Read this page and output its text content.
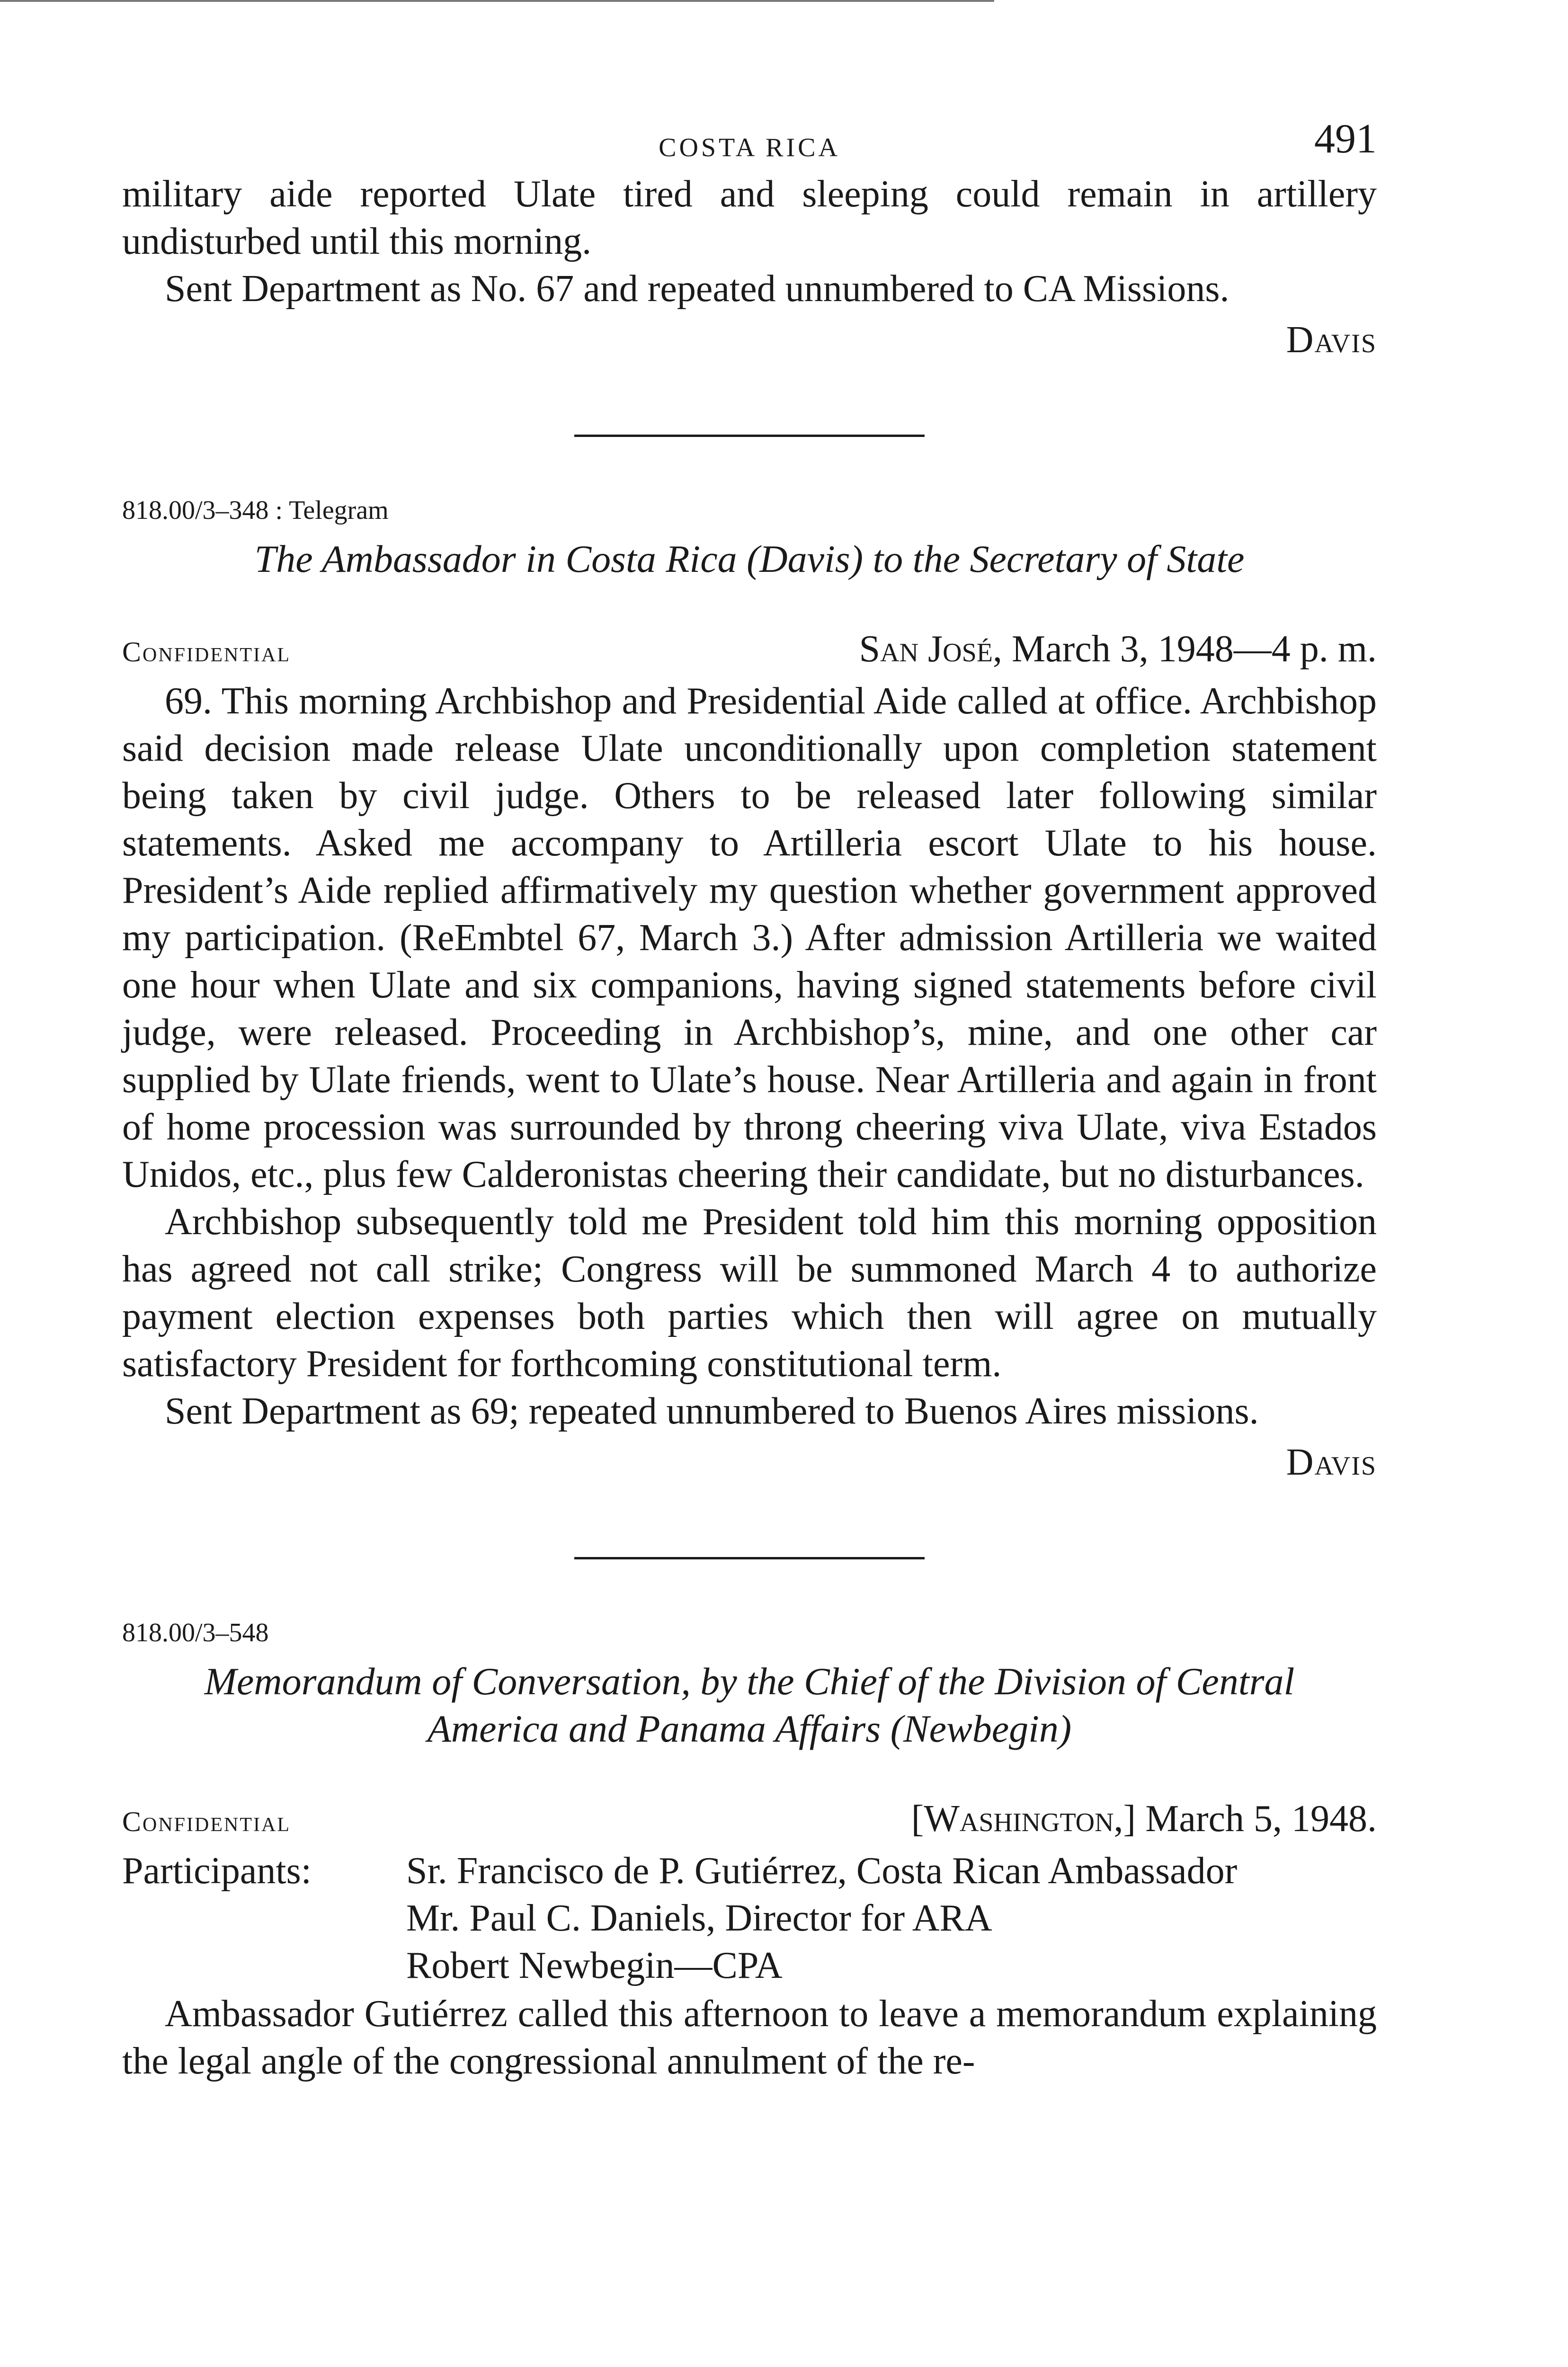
COSTA RICA	491

military aide reported Ulate tired and sleeping could remain in artillery undisturbed until this morning.

Sent Department as No. 67 and repeated unnumbered to CA Missions.

Davis

818.00/3–348 : Telegram
The Ambassador in Costa Rica (Davis) to the Secretary of State
Confidential	San José, March 3, 1948—4 p. m.

69. This morning Archbishop and Presidential Aide called at office. Archbishop said decision made release Ulate unconditionally upon completion statement being taken by civil judge. Others to be released later following similar statements. Asked me accompany to Artilleria escort Ulate to his house. President’s Aide replied affirmatively my question whether government approved my participation. (ReEmbtel 67, March 3.) After admission Artilleria we waited one hour when Ulate and six companions, having signed statements before civil judge, were released. Proceeding in Archbishop’s, mine, and one other car supplied by Ulate friends, went to Ulate’s house. Near Artilleria and again in front of home procession was surrounded by throng cheering viva Ulate, viva Estados Unidos, etc., plus few Calderonistas cheering their candidate, but no disturbances.

Archbishop subsequently told me President told him this morning opposition has agreed not call strike; Congress will be summoned March 4 to authorize payment election expenses both parties which then will agree on mutually satisfactory President for forthcoming constitutional term.

Sent Department as 69; repeated unnumbered to Buenos Aires missions.

Davis

818.00/3–548
Memorandum of Conversation, by the Chief of the Division of Central
America and Panama Affairs (Newbegin)
Confidential	[Washington,] March 5, 1948.
Participants:	Sr. Francisco de P. Gutiérrez, Costa Rican Ambassador

Mr. Paul C. Daniels, Director for ARA

Robert Newbegin—CPA

Ambassador Gutiérrez called this afternoon to leave a memorandum explaining the legal angle of the congressional annulment of the re-
